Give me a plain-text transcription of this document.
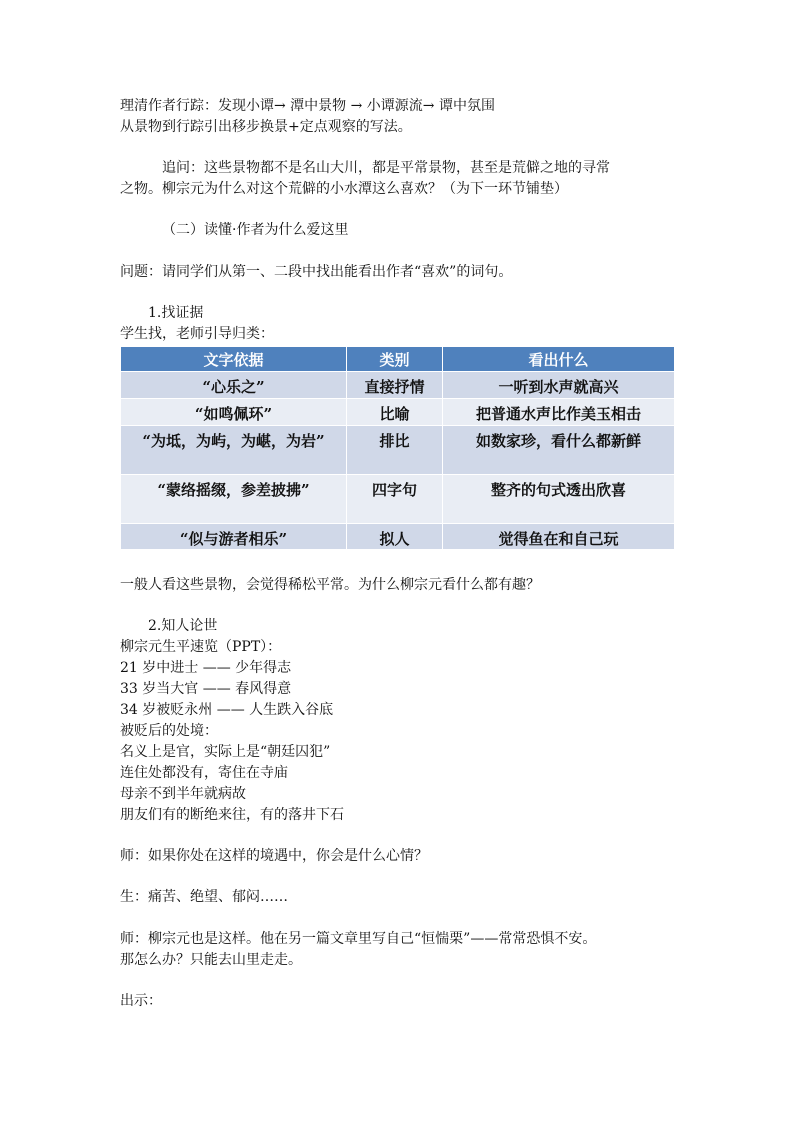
理清作者行踪：发现小谭→ 潭中景物 → 小谭源流→ 谭中氛围
从景物到行踪引出移步换景+定点观察的写法。
追问：这些景物都不是名山大川，都是平常景物，甚至是荒僻之地的寻常
之物。柳宗元为什么对这个荒僻的小水潭这么喜欢？（为下一环节铺垫）
（二）读懂·作者为什么爱这里
问题：请同学们从第一、二段中找出能看出作者“喜欢”的词句。
1.找证据
学生找，老师引导归类：
文字依据	类别	看出什么
“心乐之”	直接抒情	一听到水声就高兴
“如鸣佩环”	比喻	把普通水声比作美玉相击
“为坻，为屿，为嵁，为岩”	排比	如数家珍，看什么都新鲜
“蒙络摇缀，参差披拂”	四字句	整齐的句式透出欣喜
“似与游者相乐”	拟人	觉得鱼在和自己玩
一般人看这些景物，会觉得稀松平常。为什么柳宗元看什么都有趣？
2.知人论世
柳宗元生平速览（PPT）：
21 岁中进士 —— 少年得志
33 岁当大官 —— 春风得意
34 岁被贬永州 —— 人生跌入谷底
被贬后的处境：
名义上是官，实际上是“朝廷囚犯”
连住处都没有，寄住在寺庙
母亲不到半年就病故
朋友们有的断绝来往，有的落井下石
师：如果你处在这样的境遇中，你会是什么心情？
生：痛苦、绝望、郁闷……
师：柳宗元也是这样。他在另一篇文章里写自己“恒惴栗”——常常恐惧不安。
那怎么办？只能去山里走走。
出示：
